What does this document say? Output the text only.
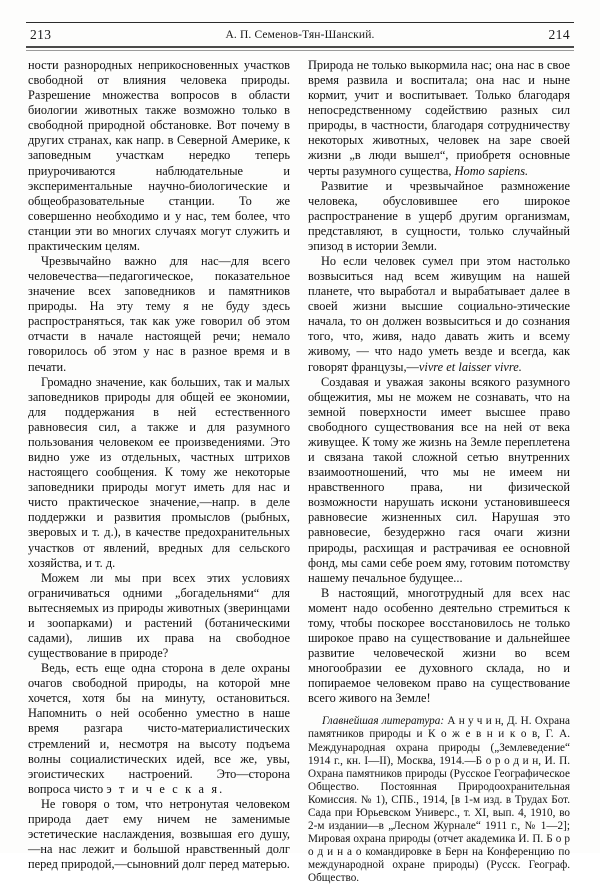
213	А. П. Семенов-Тян-Шанский.	214

ности разнородных неприкосновенных участков свободной от влияния человека природы. Разрешение множества вопросов в области биологии животных также возможно только в свободной природной обстановке. Вот почему в других странах, как напр. в Северной Америке, к заповедным участкам нередко теперь приурочиваются наблюдательные и экспериментальные научно-биологические и общеобразовательные станции. То же совершенно необходимо и у нас, тем более, что станции эти во многих случаях могут служить и практическим целям.

Чрезвычайно важно для нас—для всего человечества—педагогическое, показательное значение всех заповедников и памятников природы. На эту тему я не буду здесь распространяться, так как уже говорил об этом отчасти в начале настоящей речи; немало говорилось об этом у нас в разное время и в печати.

Громадно значение, как больших, так и малых заповедников природы для общей ее экономии, для поддержания в ней естественного равновесия сил, а также и для разумного пользования человеком ее произведениями. Это видно уже из отдельных, частных штрихов настоящего сообщения. К тому же некоторые заповедники природы могут иметь для нас и чисто практическое значение,—напр. в деле поддержки и развития промыслов (рыбных, зверовых и т. д.), в качестве предохранительных участков от явлений, вредных для сельского хозяйства, и т. д.

Можем ли мы при всех этих условиях ограничиваться одними „богадельнями“ для вытесняемых из природы животных (зверинцами и зоопарками) и растений (ботаническими садами), лишив их права на свободное существование в природе?

Ведь, есть еще одна сторона в деле охраны очагов свободной природы, на которой мне хочется, хотя бы на минуту, остановиться. Напомнить о ней особенно уместно в наше время разгара чисто-материалистических стремлений и, несмотря на высоту подъема волны социалистических идей, все же, увы, эгоистических настроений. Это—сторона вопроса чисто э т и ч е с к а я.

Не говоря о том, что нетронутая человеком природа дает ему ничем не заменимые эстетические наслаждения, возвышая его душу,—на нас лежит и большой нравственный долг перед природой,—сыновний долг перед матерью.

Природа не только выкормила нас; она нас в свое время развила и воспитала; она нас и ныне кормит, учит и воспитывает. Только благодаря непосредственному содействию разных сил природы, в частности, благодаря сотрудничеству некоторых животных, человек на заре своей жизни „в люди вышел“, приобретя основные черты разумного существа, Homo sapiens.

Развитие и чрезвычайное размножение человека, обусловившее его широкое распространение в ущерб другим организмам, представляют, в сущности, только случайный эпизод в истории Земли.

Но если человек сумел при этом настолько возвыситься над всем живущим на нашей планете, что выработал и вырабатывает далее в своей жизни высшие социально-этические начала, то он должен возвыситься и до сознания того, что, живя, надо давать жить и всему живому, — что надо уметь везде и всегда, как говорят французы,—vivre et laisser vivre.

Создавая и уважая законы всякого разумного общежития, мы не можем не сознавать, что на земной поверхности имеет высшее право свободного существования все на ней от века живущее. К тому же жизнь на Земле переплетена и связана такой сложной сетью внутренних взаимоотношений, что мы не имеем ни нравственного права, ни физической возможности нарушать искони установившееся равновесие жизненных сил. Нарушая это равновесие, безудержно гася очаги жизни природы, расхищая и растрачивая ее основной фонд, мы сами себе роем яму, готовим потомству нашему печальное будущее...

В настоящий, многотрудный для всех нас момент надо особенно деятельно стремиться к тому, чтобы поскорее восстановилось не только широкое право на существование и дальнейшее развитие человеческой жизни во всем многообразии ее духовного склада, но и попираемое человеком право на существование всего живого на Земле!

Главнейшая литература: А н у ч и н, Д. Н. Охрана памятников природы и К о ж е в н и к о в, Г. А. Международная охрана природы („Землеведение“ 1914 г., кн. I—II), Москва, 1914.—Б о р о д и н, И. П. Охрана памятников природы (Русское Географическое Общество. Постоянная Природоохранительная Комиссия. № 1), СПБ., 1914, [в 1-м изд. в Трудах Бот. Сада при Юрьевском Универс., т. XI, вып. 4, 1910, во 2-м издании—в „Лесном Журнале“ 1911 г., № 1—2]; Мировая охрана природы (отчет академика И. П. Б о р о д и н а о командировке в Берн на Конференцию по международной охране природы) (Русск. Географ. Общество.
